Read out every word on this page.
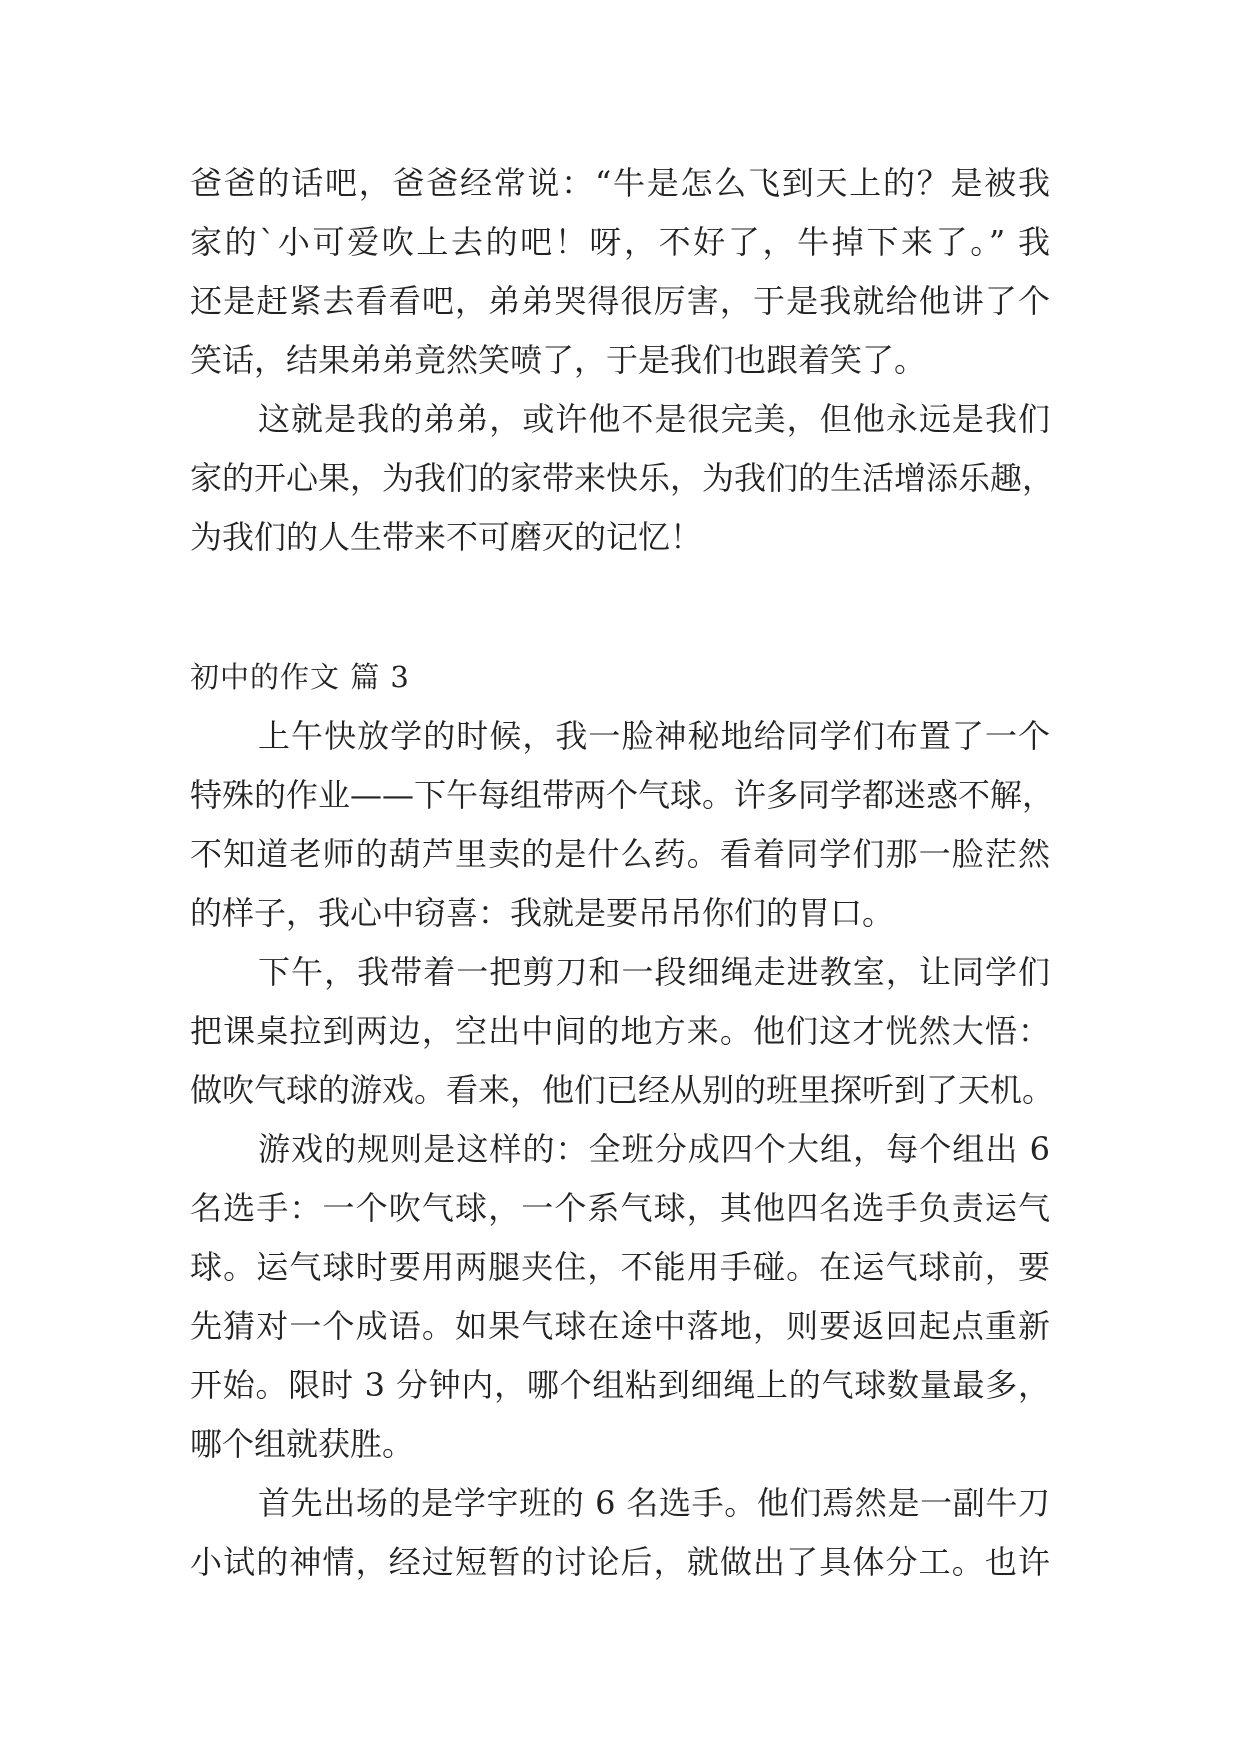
爸爸的话吧，爸爸经常说：“牛是怎么飞到天上的？是被我
家的`小可爱吹上去的吧！呀，不好了，牛掉下来了。” 我
还是赶紧去看看吧，弟弟哭得很厉害，于是我就给他讲了个
笑话，结果弟弟竟然笑喷了，于是我们也跟着笑了。
这就是我的弟弟，或许他不是很完美，但他永远是我们
家的开心果，为我们的家带来快乐，为我们的生活增添乐趣，
为我们的人生带来不可磨灭的记忆！
初中的作文 篇 3
上午快放学的时候，我一脸神秘地给同学们布置了一个
特殊的作业——下午每组带两个气球。许多同学都迷惑不解，
不知道老师的葫芦里卖的是什么药。看着同学们那一脸茫然
的样子，我心中窃喜：我就是要吊吊你们的胃口。
下午，我带着一把剪刀和一段细绳走进教室，让同学们
把课桌拉到两边，空出中间的地方来。他们这才恍然大悟：
做吹气球的游戏。看来，他们已经从别的班里探听到了天机。
游戏的规则是这样的：全班分成四个大组，每个组出 6
名选手：一个吹气球，一个系气球，其他四名选手负责运气
球。运气球时要用两腿夹住，不能用手碰。在运气球前，要
先猜对一个成语。如果气球在途中落地，则要返回起点重新
开始。限时 3 分钟内，哪个组粘到细绳上的气球数量最多，
哪个组就获胜。
首先出场的是学宇班的 6 名选手。他们焉然是一副牛刀
小试的神情，经过短暂的讨论后，就做出了具体分工。也许
